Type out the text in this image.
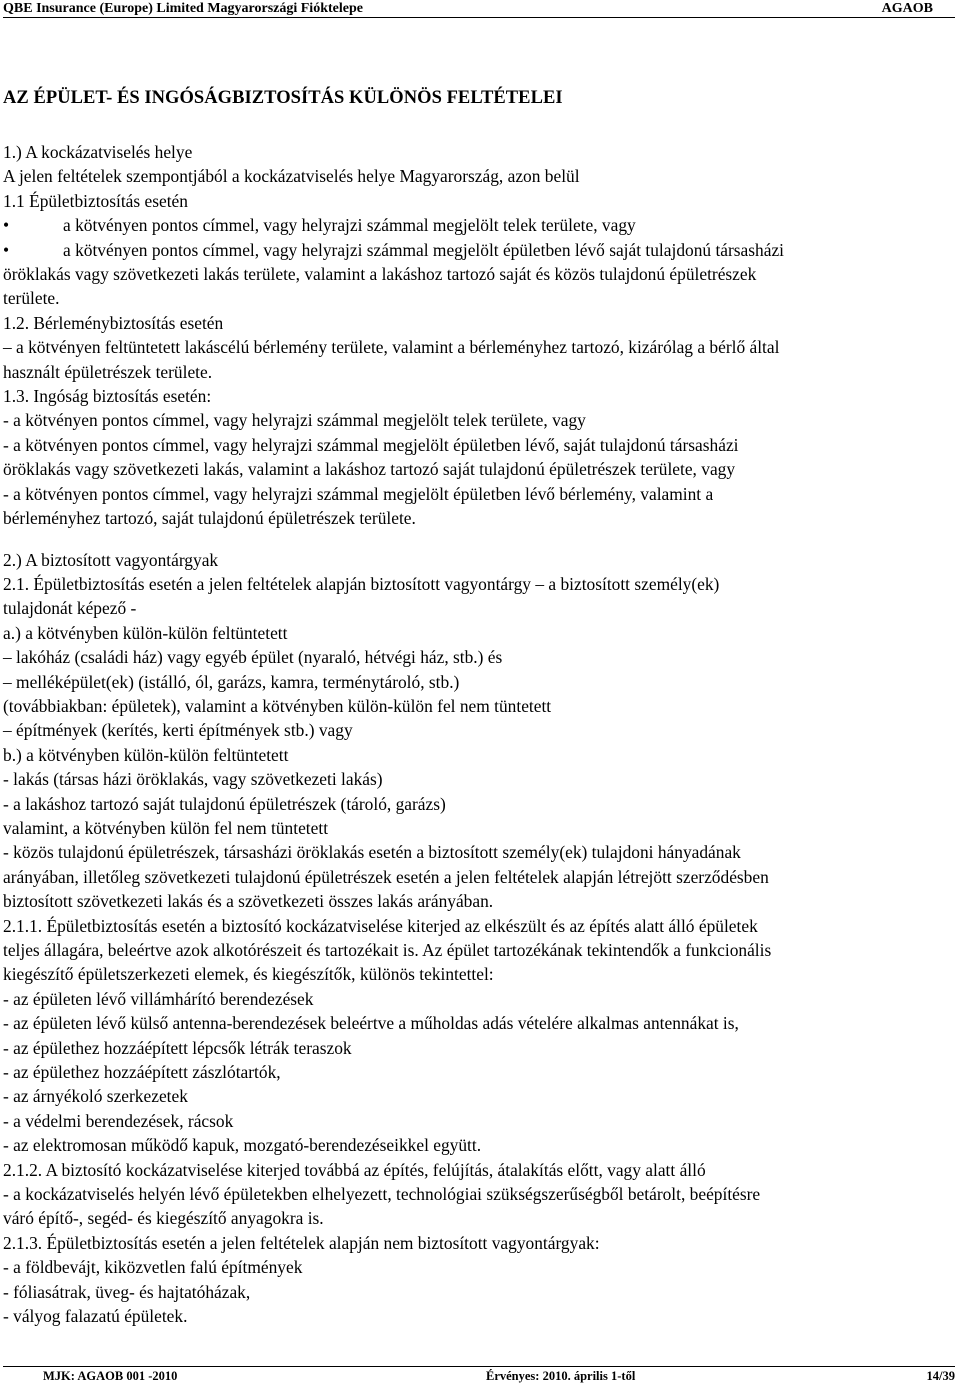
QBE Insurance (Europe) Limited Magyarországi Fióktelepe	AGAOB
AZ ÉPÜLET- ÉS INGÓSÁGBIZTOSÍTÁS KÜLÖNÖS FELTÉTELEI

1.) A kockázatviselés helye

A jelen feltételek szempontjából a kockázatviselés helye Magyarország, azon belül

1.1 Épületbiztosítás esetén

•	a kötvényen pontos címmel, vagy helyrajzi számmal megjelölt telek területe, vagy
•	a kötvényen pontos címmel, vagy helyrajzi számmal megjelölt épületben lévő saját tulajdonú társasházi

öröklakás vagy szövetkezeti lakás területe, valamint a lakáshoz tartozó saját és közös tulajdonú épületrészek

területe.

1.2. Bérleménybiztosítás esetén

– a kötvényen feltüntetett lakáscélú bérlemény területe, valamint a bérleményhez tartozó, kizárólag a bérlő által

használt épületrészek területe.

1.3. Ingóság biztosítás esetén:

- a kötvényen pontos címmel, vagy helyrajzi számmal megjelölt telek területe, vagy

- a kötvényen pontos címmel, vagy helyrajzi számmal megjelölt épületben lévő, saját tulajdonú társasházi

öröklakás vagy szövetkezeti lakás, valamint a lakáshoz tartozó saját tulajdonú épületrészek területe, vagy

- a kötvényen pontos címmel, vagy helyrajzi számmal megjelölt épületben lévő bérlemény, valamint a

bérleményhez tartozó, saját tulajdonú épületrészek területe.

2.) A biztosított vagyontárgyak

2.1. Épületbiztosítás esetén a jelen feltételek alapján biztosított vagyontárgy – a biztosított személy(ek)

tulajdonát képező -

a.) a kötvényben külön-külön feltüntetett

– lakóház (családi ház) vagy egyéb épület (nyaraló, hétvégi ház, stb.) és

– melléképület(ek) (istálló, ól, garázs, kamra, terménytároló, stb.)

(továbbiakban: épületek), valamint a kötvényben külön-külön fel nem tüntetett

– építmények (kerítés, kerti építmények stb.) vagy

b.) a kötvényben külön-külön feltüntetett

- lakás (társas házi öröklakás, vagy szövetkezeti lakás)

- a lakáshoz tartozó saját tulajdonú épületrészek (tároló, garázs)

valamint, a kötvényben külön fel nem tüntetett

- közös tulajdonú épületrészek, társasházi öröklakás esetén a biztosított személy(ek) tulajdoni hányadának

arányában, illetőleg szövetkezeti tulajdonú épületrészek esetén a jelen feltételek alapján létrejött szerződésben

biztosított szövetkezeti lakás és a szövetkezeti összes lakás arányában.

2.1.1. Épületbiztosítás esetén a biztosító kockázatviselése kiterjed az elkészült és az építés alatt álló épületek

teljes állagára, beleértve azok alkotórészeit és tartozékait is. Az épület tartozékának tekintendők a funkcionális

kiegészítő épületszerkezeti elemek, és kiegészítők, különös tekintettel:

- az épületen lévő villámhárító berendezések

- az épületen lévő külső antenna-berendezések beleértve a műholdas adás vételére alkalmas antennákat is,

- az épülethez hozzáépített lépcsők létrák teraszok

- az épülethez hozzáépített zászlótartók,

- az árnyékoló szerkezetek

- a védelmi berendezések, rácsok

- az elektromosan működő kapuk, mozgató-berendezéseikkel együtt.

2.1.2. A biztosító kockázatviselése kiterjed továbbá az építés, felújítás, átalakítás előtt, vagy alatt álló

- a kockázatviselés helyén lévő épületekben elhelyezett, technológiai szükségszerűségből betárolt, beépítésre

váró építő-, segéd- és kiegészítő anyagokra is.

2.1.3. Épületbiztosítás esetén a jelen feltételek alapján nem biztosított vagyontárgyak:

- a földbevájt, kiközvetlen falú építmények

- fóliasátrak, üveg- és hajtatóházak,

- vályog falazatú épületek.

MJK: AGAOB 001 -2010	Érvényes: 2010. április 1-től	14/39
